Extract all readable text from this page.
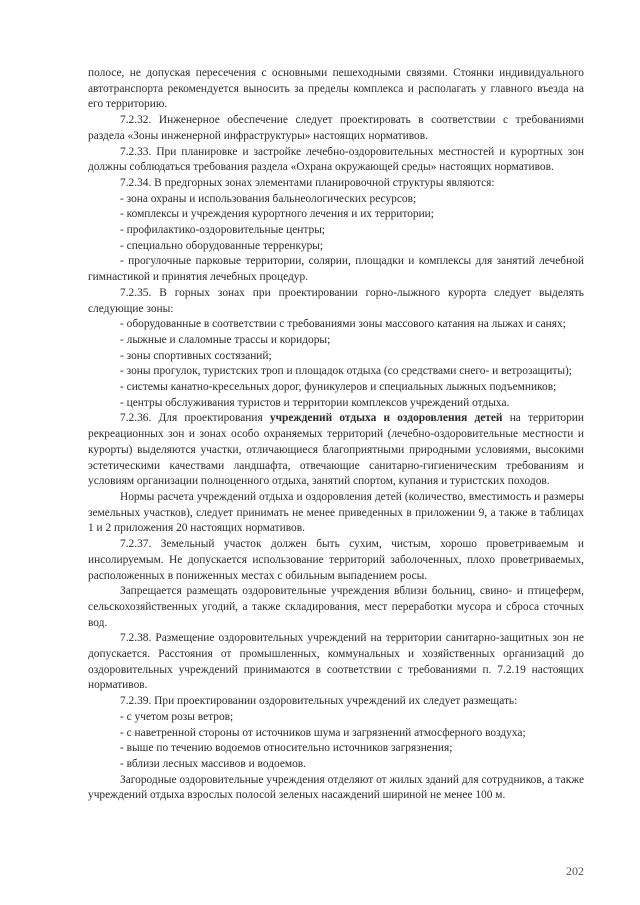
полосе, не допуская пересечения с основными пешеходными связями. Стоянки индивидуального автотранспорта рекомендуется выносить за пределы комплекса и располагать у главного въезда на его территорию.

7.2.32. Инженерное обеспечение следует проектировать в соответствии с требованиями раздела «Зоны инженерной инфраструктуры» настоящих нормативов.

7.2.33. При планировке и застройке лечебно-оздоровительных местностей и курортных зон должны соблюдаться требования раздела «Охрана окружающей среды» настоящих нормативов.

7.2.34. В предгорных зонах элементами планировочной структуры являются:

- зона охраны и использования бальнеологических ресурсов;

- комплексы и учреждения курортного лечения и их территории;

- профилактико-оздоровительные центры;

- специально оборудованные терренкуры;

- прогулочные парковые территории, солярии, площадки и комплексы для занятий лечебной гимнастикой и принятия лечебных процедур.

7.2.35. В горных зонах при проектировании горно-лыжного курорта следует выделять следующие зоны:

- оборудованные в соответствии с требованиями зоны массового катания на лыжах и санях;

- лыжные и слаломные трассы и коридоры;

- зоны спортивных состязаний;

- зоны прогулок, туристских троп и площадок отдыха (со средствами снего- и ветрозащиты);

- системы канатно-кресельных дорог, фуникулеров и специальных лыжных подъемников;

- центры обслуживания туристов и территории комплексов учреждений отдыха.

7.2.36. Для проектирования учреждений отдыха и оздоровления детей на территории рекреационных зон и зонах особо охраняемых территорий (лечебно-оздоровительные местности и курорты) выделяются участки, отличающиеся благоприятными природными условиями, высокими эстетическими качествами ландшафта, отвечающие санитарно-гигиеническим требованиям и условиям организации полноценного отдыха, занятий спортом, купания и туристских походов.

Нормы расчета учреждений отдыха и оздоровления детей (количество, вместимость и размеры земельных участков), следует принимать не менее приведенных в приложении 9, а также в таблицах 1 и 2 приложения 20 настоящих нормативов.

7.2.37. Земельный участок должен быть сухим, чистым, хорошо проветриваемым и инсолируемым. Не допускается использование территорий заболоченных, плохо проветриваемых, расположенных в пониженных местах с обильным выпадением росы.

Запрещается размещать оздоровительные учреждения вблизи больниц, свино- и птицеферм, сельскохозяйственных угодий, а также складирования, мест переработки мусора и сброса сточных вод.

7.2.38. Размещение оздоровительных учреждений на территории санитарно-защитных зон не допускается. Расстояния от промышленных, коммунальных и хозяйственных организаций до оздоровительных учреждений принимаются в соответствии с требованиями п. 7.2.19 настоящих нормативов.

7.2.39. При проектировании оздоровительных учреждений их следует размещать:

- с учетом розы ветров;

- с наветренной стороны от источников шума и загрязнений атмосферного воздуха;

- выше по течению водоемов относительно источников загрязнения;

- вблизи лесных массивов и водоемов.

Загородные оздоровительные учреждения отделяют от жилых зданий для сотрудников, а также учреждений отдыха взрослых полосой зеленых насаждений шириной не менее 100 м.

202
